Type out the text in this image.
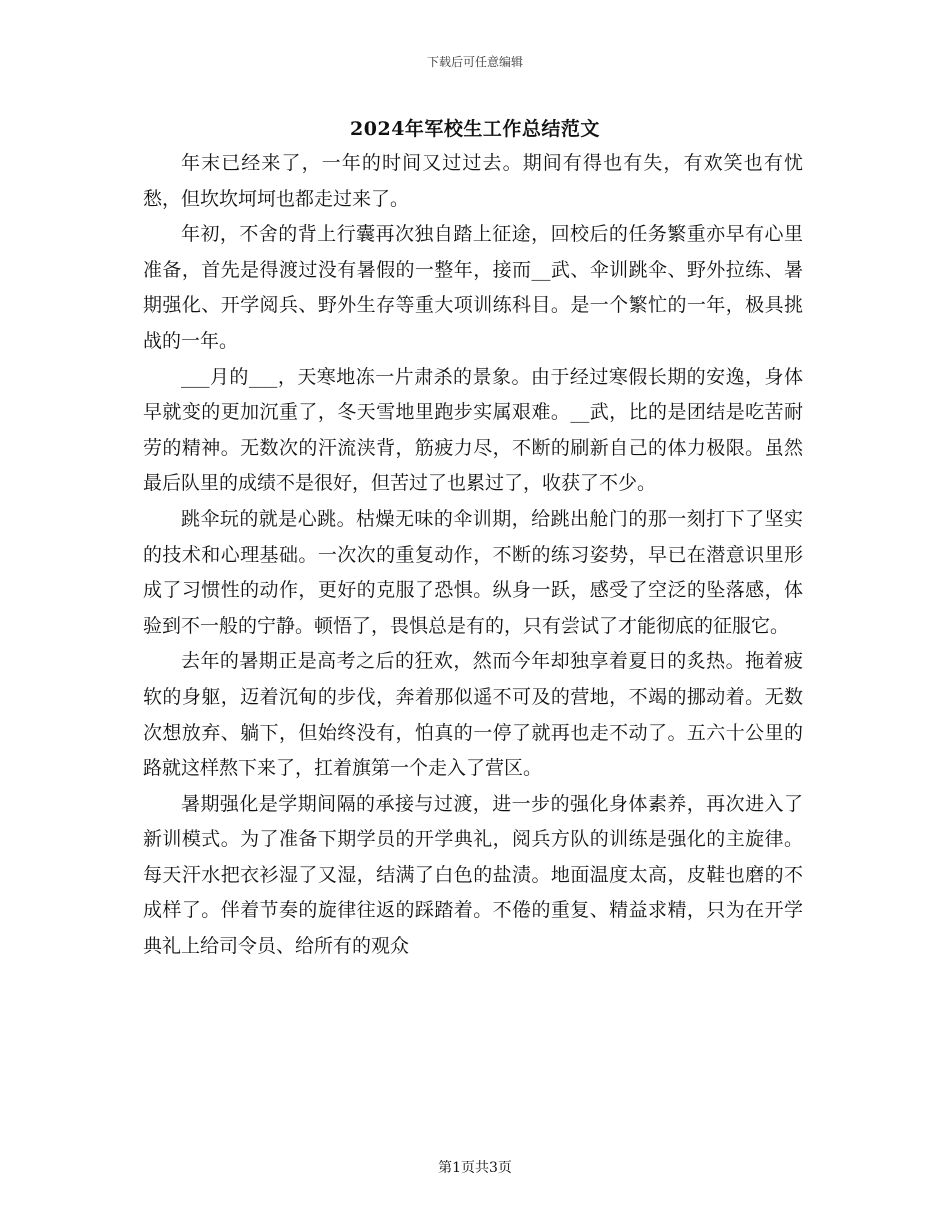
下载后可任意编辑
2024年军校生工作总结范文

年末已经来了，一年的时间又过过去。期间有得也有失，有欢笑也有忧愁，但坎坎坷坷也都走过来了。

年初，不舍的背上行囊再次独自踏上征途，回校后的任务繁重亦早有心里准备，首先是得渡过没有暑假的一整年，接而__武、伞训跳伞、野外拉练、暑期强化、开学阅兵、野外生存等重大项训练科目。是一个繁忙的一年，极具挑战的一年。

___月的___，天寒地冻一片肃杀的景象。由于经过寒假长期的安逸，身体早就变的更加沉重了，冬天雪地里跑步实属艰难。__武，比的是团结是吃苦耐劳的精神。无数次的汗流浃背，筋疲力尽，不断的刷新自己的体力极限。虽然最后队里的成绩不是很好，但苦过了也累过了，收获了不少。

跳伞玩的就是心跳。枯燥无味的伞训期，给跳出舱门的那一刻打下了坚实的技术和心理基础。一次次的重复动作，不断的练习姿势，早已在潜意识里形成了习惯性的动作，更好的克服了恐惧。纵身一跃，感受了空泛的坠落感，体验到不一般的宁静。顿悟了，畏惧总是有的，只有尝试了才能彻底的征服它。

去年的暑期正是高考之后的狂欢，然而今年却独享着夏日的炙热。拖着疲软的身躯，迈着沉甸的步伐，奔着那似遥不可及的营地，不竭的挪动着。无数次想放弃、躺下，但始终没有，怕真的一停了就再也走不动了。五六十公里的路就这样熬下来了，扛着旗第一个走入了营区。

暑期强化是学期间隔的承接与过渡，进一步的强化身体素养，再次进入了新训模式。为了准备下期学员的开学典礼，阅兵方队的训练是强化的主旋律。每天汗水把衣衫湿了又湿，结满了白色的盐渍。地面温度太高，皮鞋也磨的不成样了。伴着节奏的旋律往返的踩踏着。不倦的重复、精益求精，只为在开学典礼上给司令员、给所有的观众

第1页共3页
